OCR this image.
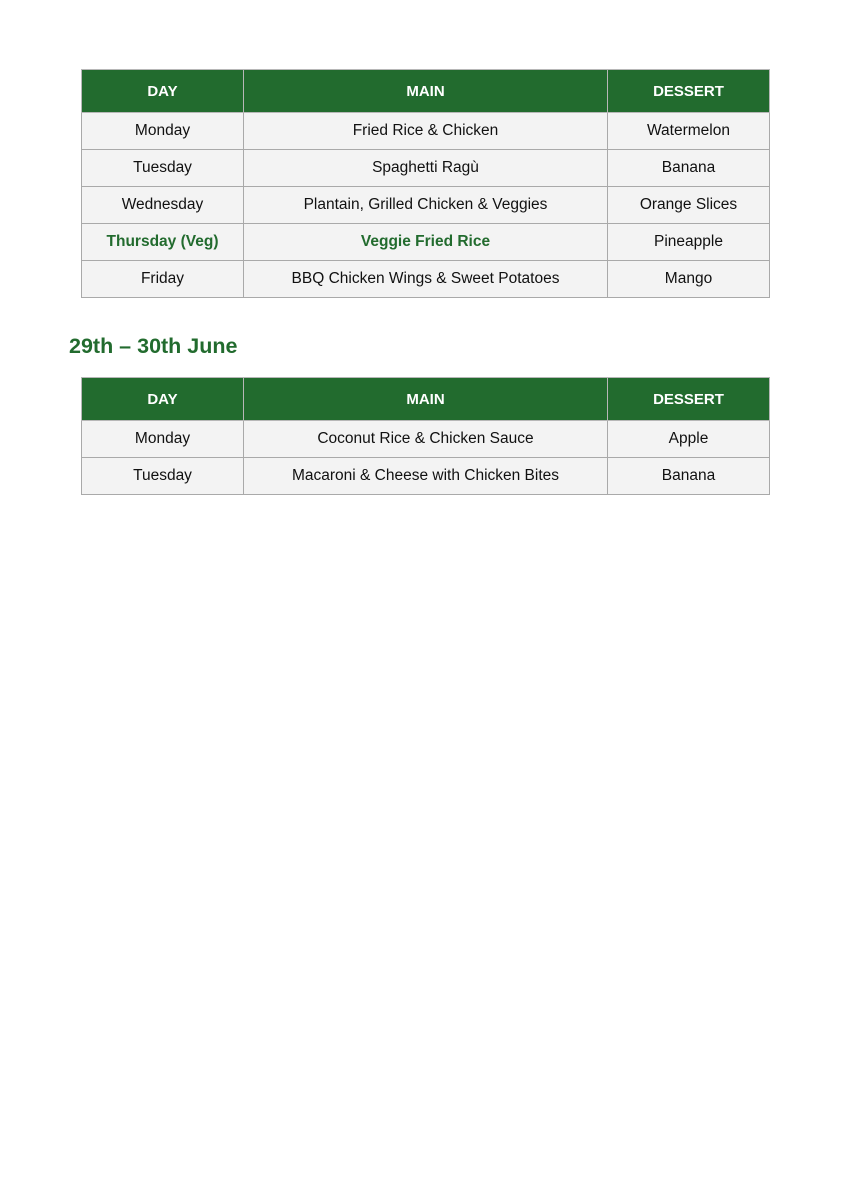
DAY	MAIN	DESSERT
Monday	Fried Rice & Chicken	Watermelon
Tuesday	Spaghetti Ragù	Banana
Wednesday	Plantain, Grilled Chicken & Veggies	Orange Slices
Thursday (Veg)	Veggie Fried Rice	Pineapple
Friday	BBQ Chicken Wings & Sweet Potatoes	Mango
29th – 30th June
DAY	MAIN	DESSERT
Monday	Coconut Rice & Chicken Sauce	Apple
Tuesday	Macaroni & Cheese with Chicken Bites	Banana
